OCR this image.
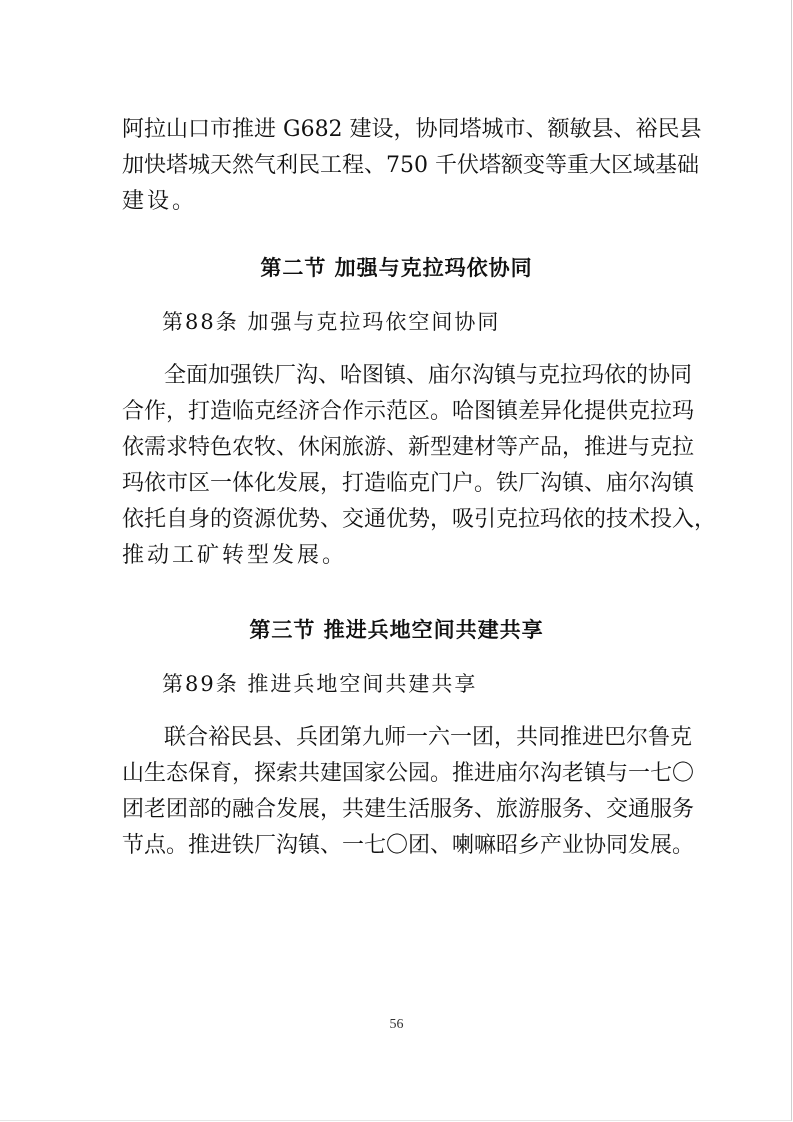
阿拉山口市推进 G682 建设，协同塔城市、额敏县、裕民县
加快塔城天然气利民工程、750 千伏塔额变等重大区域基础
建设。
第二节 加强与克拉玛依协同
第88条 加强与克拉玛依空间协同
全面加强铁厂沟、哈图镇、庙尔沟镇与克拉玛依的协同
合作，打造临克经济合作示范区。哈图镇差异化提供克拉玛
依需求特色农牧、休闲旅游、新型建材等产品，推进与克拉
玛依市区一体化发展，打造临克门户。铁厂沟镇、庙尔沟镇
依托自身的资源优势、交通优势，吸引克拉玛依的技术投入，
推动工矿转型发展。
第三节 推进兵地空间共建共享
第89条 推进兵地空间共建共享
联合裕民县、兵团第九师一六一团，共同推进巴尔鲁克
山生态保育，探索共建国家公园。推进庙尔沟老镇与一七〇
团老团部的融合发展，共建生活服务、旅游服务、交通服务
节点。推进铁厂沟镇、一七〇团、喇嘛昭乡产业协同发展。
56
